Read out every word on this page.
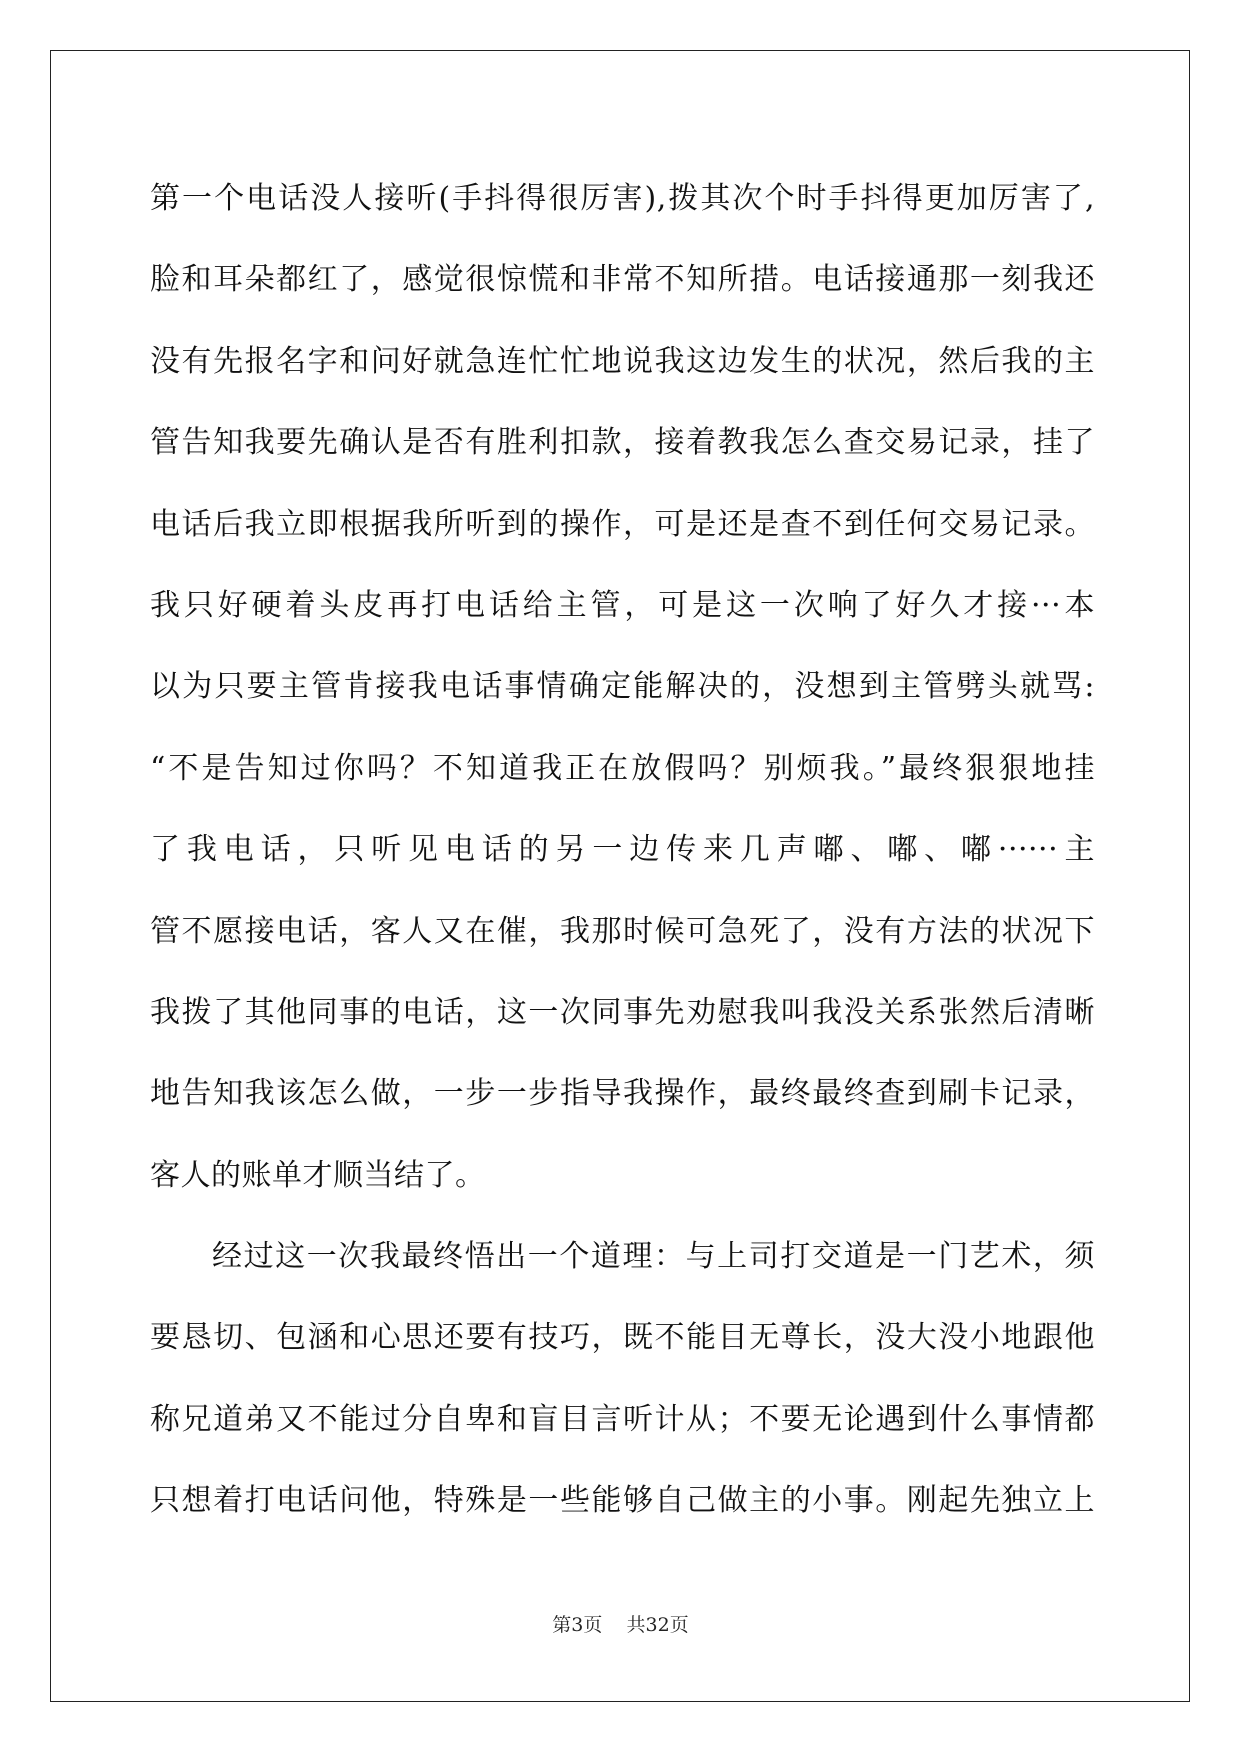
第一个电话没人接听(手抖得很厉害),拨其次个时手抖得更加厉害了,
脸和耳朵都红了，感觉很惊慌和非常不知所措。电话接通那一刻我还
没有先报名字和问好就急连忙忙地说我这边发生的状况，然后我的主
管告知我要先确认是否有胜利扣款，接着教我怎么查交易记录，挂了
电话后我立即根据我所听到的操作，可是还是查不到任何交易记录。
我只好硬着头皮再打电话给主管，可是这一次响了好久才接···本
以为只要主管肯接我电话事情确定能解决的，没想到主管劈头就骂:
“不是告知过你吗？不知道我正在放假吗？别烦我。”最终狠狠地挂
了我电话，只听见电话的另一边传来几声嘟、嘟、嘟······主
管不愿接电话，客人又在催，我那时候可急死了，没有方法的状况下
我拨了其他同事的电话，这一次同事先劝慰我叫我没关系张然后清晰
地告知我该怎么做，一步一步指导我操作，最终最终查到刷卡记录，
客人的账单才顺当结了。
经过这一次我最终悟出一个道理：与上司打交道是一门艺术，须
要恳切、包涵和心思还要有技巧，既不能目无尊长，没大没小地跟他
称兄道弟又不能过分自卑和盲目言听计从；不要无论遇到什么事情都
只想着打电话问他，特殊是一些能够自己做主的小事。刚起先独立上
第3页 共32页
